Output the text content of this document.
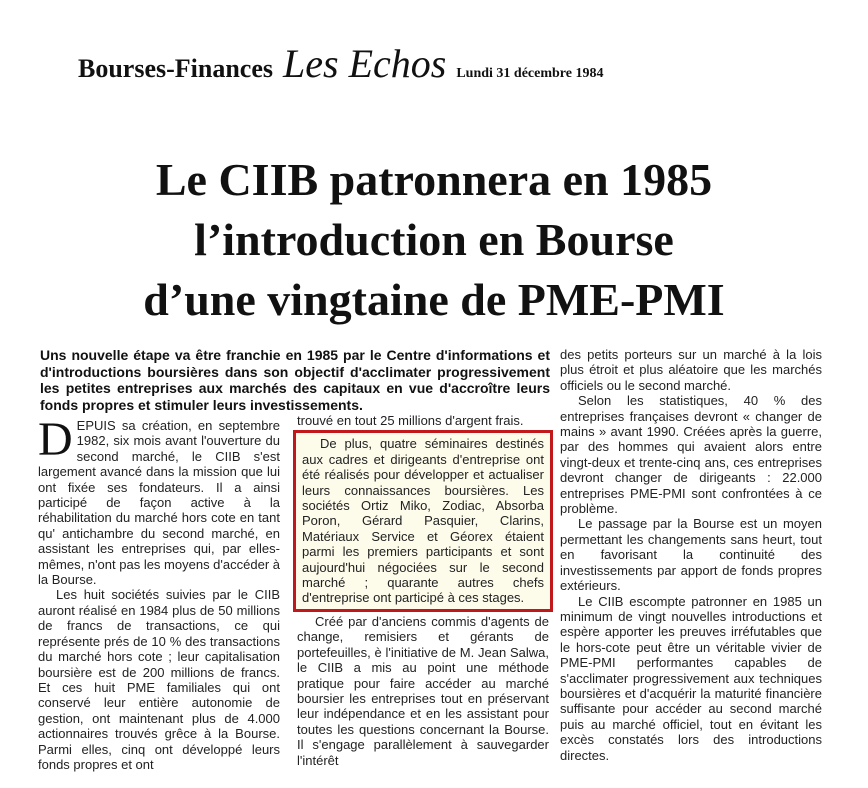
Bourses-Finances Les Echos Lundi 31 décembre 1984
Le CIIB patronnera en 1985
l’introduction en Bourse
d’une vingtaine de PME-PMI
Uns nouvelle étape va être franchie en 1985 par le Centre d'informations et d'introductions boursières dans son objectif d'acclimater progressivement les petites entreprises aux marchés des capitaux en vue d'accroître leurs fonds propres et stimuler leurs investissements.

DEPUIS sa création, en septembre 1982, six mois avant l'ouverture du second marché, le CIIB s'est largement avancé dans la mission que lui ont fixée ses fondateurs. Il a ainsi participé de façon active à la réhabilitation du marché hors cote en tant qu' antichambre du second marché, en assistant les entreprises qui, par elles-mêmes, n'ont pas les moyens d'accéder à la Bourse.

Les huit sociétés suivies par le CIIB auront réalisé en 1984 plus de 50 millions de francs de transactions, ce qui représente prés de 10 % des transactions du marché hors cote ; leur capitalisation boursière est de 200 millions de francs. Et ces huit PME familiales qui ont conservé leur entière autonomie de gestion, ont maintenant plus de 4.000 actionnaires trouvés grêce à la Bourse. Parmi elles, cinq ont développé leurs fonds propres et ont

trouvé en tout 25 millions d'argent frais.

De plus, quatre séminaires destinés aux cadres et dirigeants d'entreprise ont été réalisés pour développer et actualiser leurs connaissances boursières. Les sociétés Ortiz Miko, Zodiac, Absorba Poron, Gérard Pasquier, Clarins, Matériaux Service et Géorex étaient parmi les premiers participants et sont aujourd'hui négociées sur le second marché ; quarante autres chefs d'entreprise ont participé à ces stages.

Créé par d'anciens commis d'agents de change, remisiers et gérants de portefeuilles, è l'initiative de M. Jean Salwa, le CIIB a mis au point une méthode pratique pour faire accéder au marché boursier les entreprises tout en préservant leur indépendance et en les assistant pour toutes les questions concernant la Bourse. Il s'engage parallèlement à sauvegarder l'intérêt

des petits porteurs sur un marché à la lois plus étroit et plus aléatoire que les marchés officiels ou le second marché.

Selon les statistiques, 40 % des entreprises françaises devront « changer de mains » avant 1990. Créées après la guerre, par des hommes qui avaient alors entre vingt-deux et trente-cinq ans, ces entreprises devront changer de dirigeants : 22.000 entreprises PME-PMI sont confrontées à ce problème.

Le passage par la Bourse est un moyen permettant les changements sans heurt, tout en favorisant la continuité des investissements par apport de fonds propres extérieurs.

Le CIIB escompte patronner en 1985 un minimum de vingt nouvelles introductions et espère apporter les preuves irréfutables que le hors-cote peut être un véritable vivier de PME-PMI performantes capables de s'acclimater progressivement aux techniques boursières et d'acquérir la maturité financière suffisante pour accéder au second marché puis au marché officiel, tout en évitant les excès constatés lors des introductions directes.
